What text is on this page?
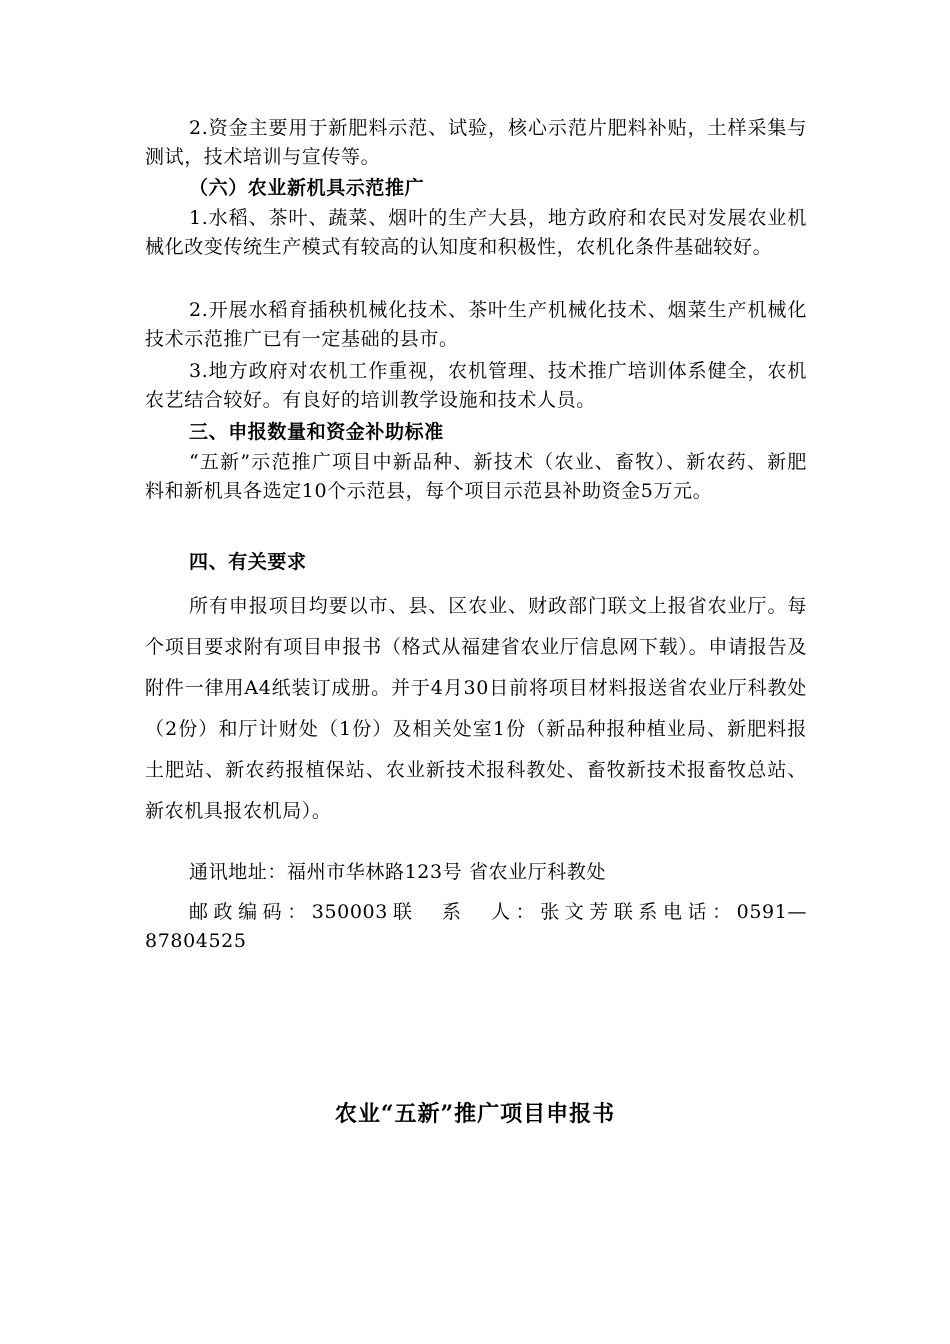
2.资金主要用于新肥料示范、试验，核心示范片肥料补贴，土样采集与测试，技术培训与宣传等。

（六）农业新机具示范推广

1.水稻、茶叶、蔬菜、烟叶的生产大县，地方政府和农民对发展农业机械化改变传统生产模式有较高的认知度和积极性，农机化条件基础较好。

2.开展水稻育插秧机械化技术、茶叶生产机械化技术、烟菜生产机械化技术示范推广已有一定基础的县市。

3.地方政府对农机工作重视，农机管理、技术推广培训体系健全，农机农艺结合较好。有良好的培训教学设施和技术人员。

三、申报数量和资金补助标准

“五新”示范推广项目中新品种、新技术（农业、畜牧）、新农药、新肥料和新机具各选定10个示范县，每个项目示范县补助资金5万元。

四、有关要求

所有申报项目均要以市、县、区农业、财政部门联文上报省农业厅。每个项目要求附有项目申报书（格式从福建省农业厅信息网下载）。申请报告及附件一律用A4纸装订成册。并于4月30日前将项目材料报送省农业厅科教处（2份）和厅计财处（1份）及相关处室1份（新品种报种植业局、新肥料报土肥站、新农药报植保站、农业新技术报科教处、畜牧新技术报畜牧总站、新农机具报农机局）。

通讯地址：福州市华林路123号 省农业厅科教处

邮政编码：350003联　系　人：张文芳联系电话：0591—87804525

农业“五新”推广项目申报书
